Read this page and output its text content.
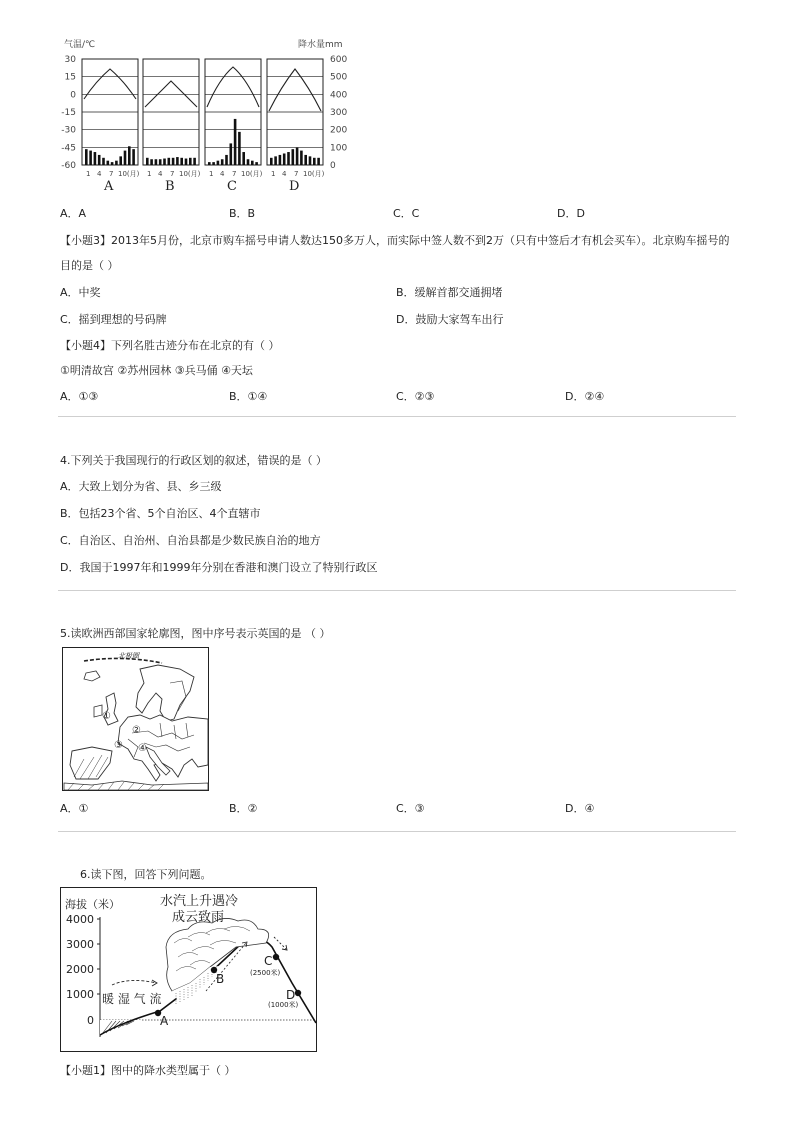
气温/℃	降水量mm
30
15
0
-15
-30
-45
-60
600
500
400
300
200
100
0
1 4 7 10(月)
A
1 4 7 10(月)
B
1 4 7 10(月)
C
1 4 7 10(月)
D
A．A	B．B	C．C	D．D
【小题3】2013年5月份，北京市购车摇号申请人数达150多万人，而实际中签人数不到2万（只有中签后才有机会买车）。北京购车摇号的
目的是（ ）
A．中奖	B．缓解首都交通拥堵
C．摇到理想的号码牌	D．鼓励大家驾车出行
【小题4】下列名胜古迹分布在北京的有（ ）
①明清故宫 ②苏州园林 ③兵马俑 ④天坛
A．①③	B．①④	C．②③	D．②④
4.下列关于我国现行的行政区划的叙述，错误的是（ ）
A．大致上划分为省、县、乡三级
B．包括23个省、5个自治区、4个直辖市
C．自治区、自治州、自治县都是少数民族自治的地方
D．我国于1997年和1999年分别在香港和澳门设立了特别行政区
5.读欧洲西部国家轮廓图，图中序号表示英国的是 （ ）
北极圈
①
②
③ ④
A．①	B．②	C．③	D．④
6.读下图，回答下列问题。
海拔（米）
4000
3000
2000
1000
0
水汽上升遇冷
成云致雨
暖 湿 气 流
A
B
C
(2500米)
D
(1000米)
【小题1】图中的降水类型属于（ ）
